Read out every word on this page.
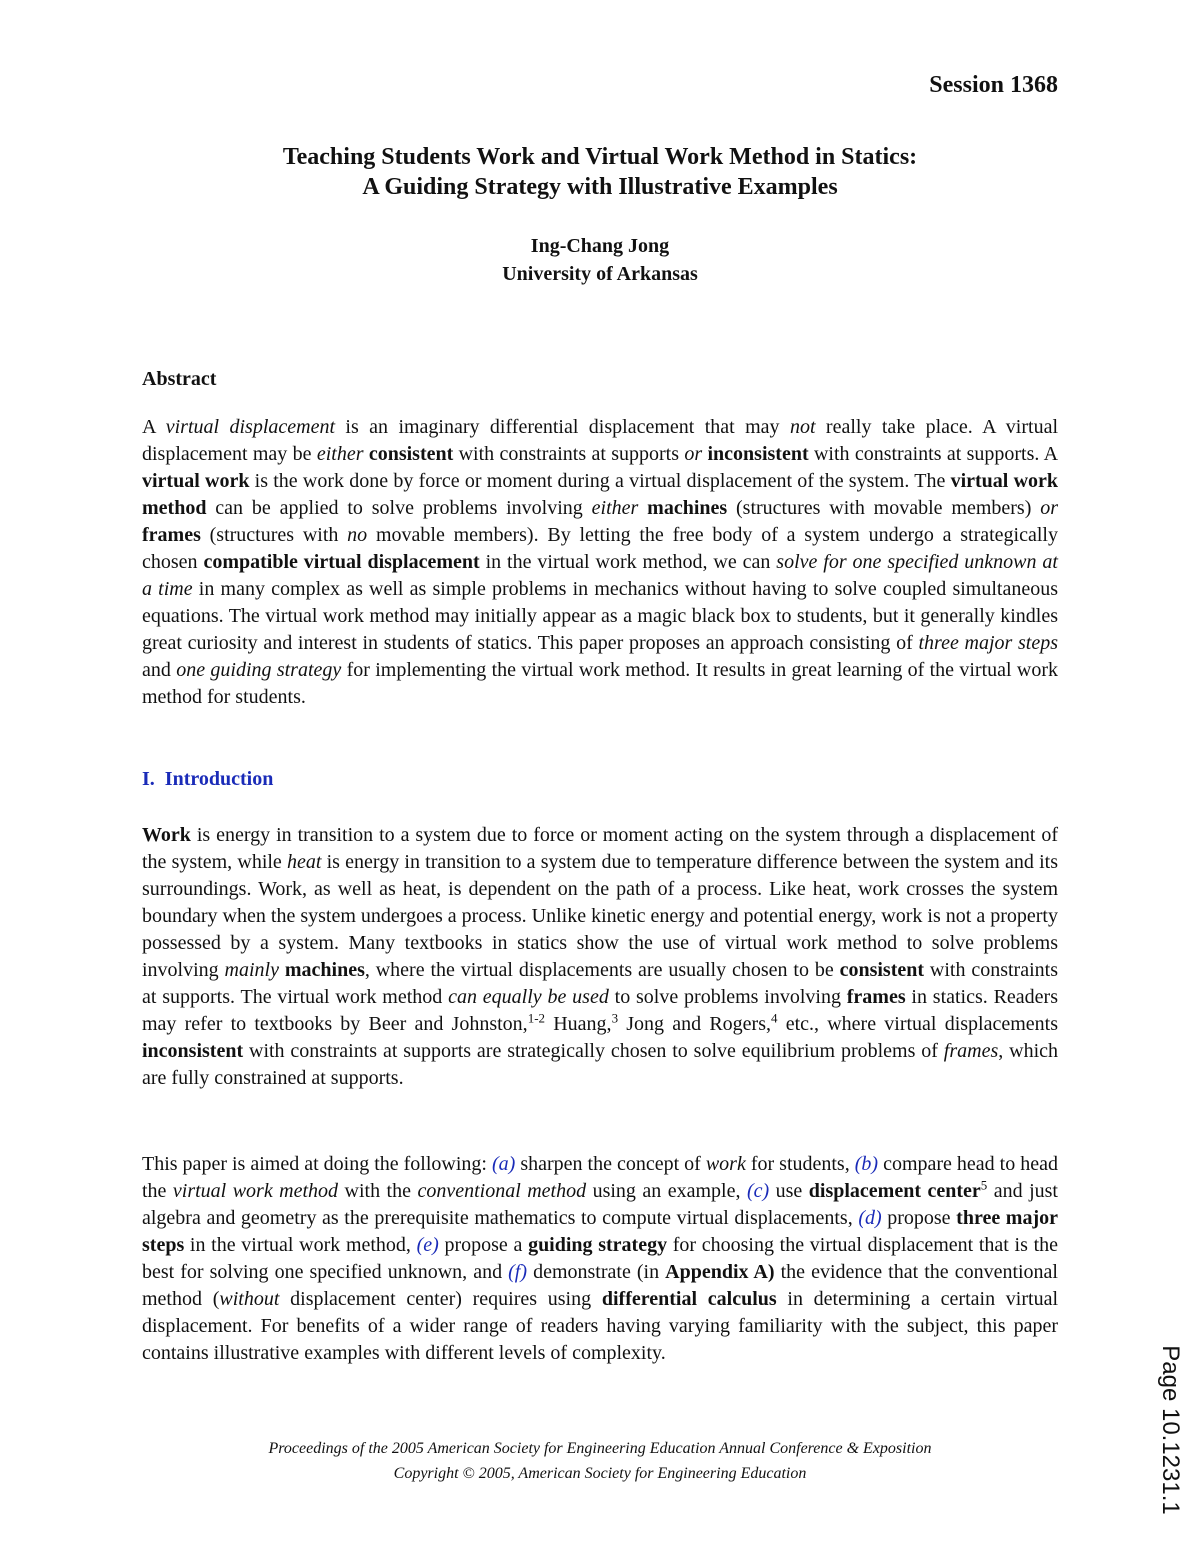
Session 1368
Teaching Students Work and Virtual Work Method in Statics:
A Guiding Strategy with Illustrative Examples
Ing-Chang Jong
University of Arkansas
Abstract
A virtual displacement is an imaginary differential displacement that may not really take place. A virtual displacement may be either consistent with constraints at supports or inconsistent with constraints at supports. A virtual work is the work done by force or moment during a virtual displacement of the system. The virtual work method can be applied to solve problems involving either machines (structures with movable members) or frames (structures with no movable members). By letting the free body of a system undergo a strategically chosen compatible virtual displacement in the virtual work method, we can solve for one specified unknown at a time in many complex as well as simple problems in mechanics without having to solve coupled simultaneous equations. The virtual work method may initially appear as a magic black box to students, but it generally kindles great curiosity and interest in students of statics. This paper proposes an approach consisting of three major steps and one guiding strategy for implementing the virtual work method. It results in great learning of the virtual work method for students.
I. Introduction
Work is energy in transition to a system due to force or moment acting on the system through a displacement of the system, while heat is energy in transition to a system due to temperature difference between the system and its surroundings. Work, as well as heat, is dependent on the path of a process. Like heat, work crosses the system boundary when the system undergoes a process. Unlike kinetic energy and potential energy, work is not a property possessed by a system. Many textbooks in statics show the use of virtual work method to solve problems involving mainly machines, where the virtual displacements are usually chosen to be consistent with constraints at supports. The virtual work method can equally be used to solve problems involving frames in statics. Readers may refer to textbooks by Beer and Johnston,$^{1-2}$ Huang,$^3$ Jong and Rogers,$^4$ etc., where virtual displacements inconsistent with constraints at supports are strategically chosen to solve equilibrium problems of frames, which are fully constrained at supports.
This paper is aimed at doing the following: (a) sharpen the concept of work for students, (b) compare head to head the virtual work method with the conventional method using an example, (c) use displacement center$^5$ and just algebra and geometry as the prerequisite mathematics to compute virtual displacements, (d) propose three major steps in the virtual work method, (e) propose a guiding strategy for choosing the virtual displacement that is the best for solving one specified unknown, and (f) demonstrate (in Appendix A) the evidence that the conventional method (without displacement center) requires using differential calculus in determining a certain virtual displacement. For benefits of a wider range of readers having varying familiarity with the subject, this paper contains illustrative examples with different levels of complexity.
Proceedings of the 2005 American Society for Engineering Education Annual Conference & Exposition
Copyright © 2005, American Society for Engineering Education	Page 10.1231.1
